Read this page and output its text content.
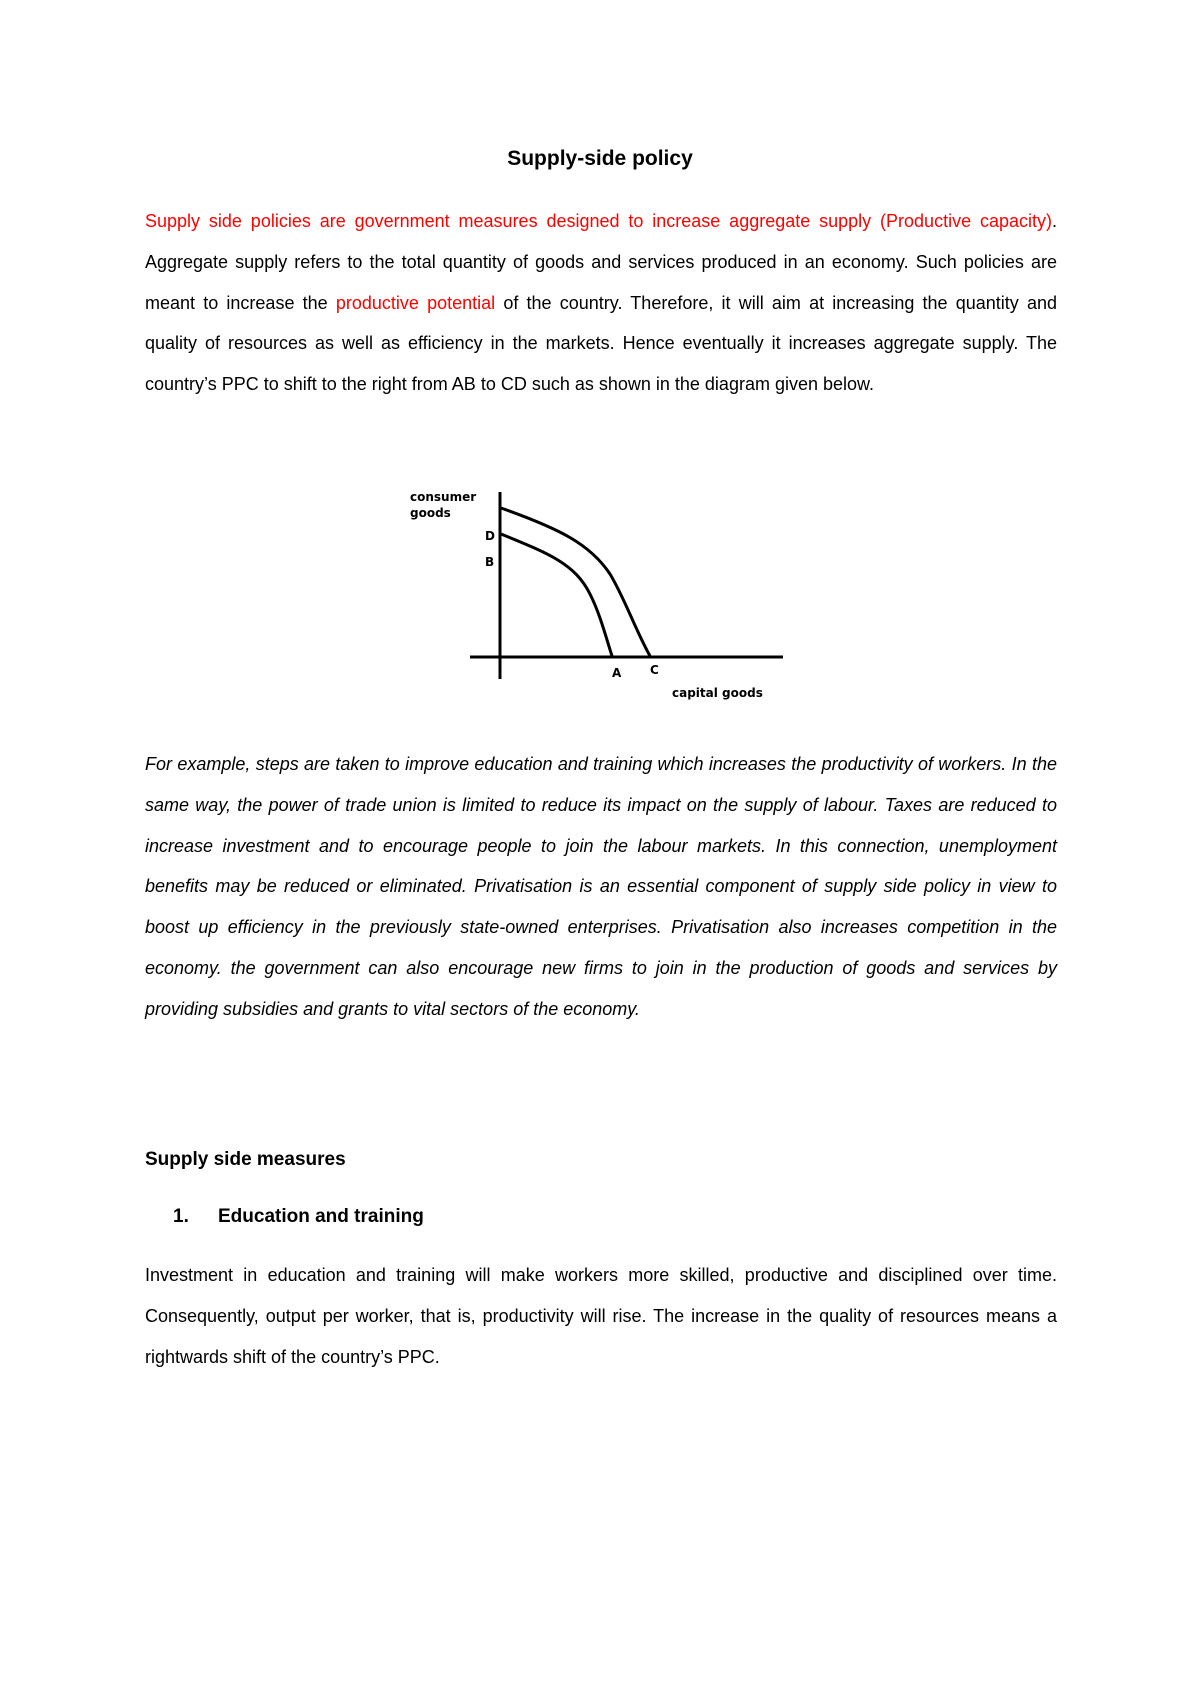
Supply-side policy

Supply side policies are government measures designed to increase aggregate supply (Productive capacity). Aggregate supply refers to the total quantity of goods and services produced in an economy. Such policies are meant to increase the productive potential of the country. Therefore, it will aim at increasing the quantity and quality of resources as well as efficiency in the markets. Hence eventually it increases aggregate supply. The country’s PPC to shift to the right from AB to CD such as shown in the diagram given below.

consumer
goods
D
B
A C
capital goods

For example, steps are taken to improve education and training which increases the productivity of workers. In the same way, the power of trade union is limited to reduce its impact on the supply of labour. Taxes are reduced to increase investment and to encourage people to join the labour markets. In this connection, unemployment benefits may be reduced or eliminated. Privatisation is an essential component of supply side policy in view to boost up efficiency in the previously state-owned enterprises. Privatisation also increases competition in the economy. the government can also encourage new firms to join in the production of goods and services by providing subsidies and grants to vital sectors of the economy.

Supply side measures
1. Education and training

Investment in education and training will make workers more skilled, productive and disciplined over time. Consequently, output per worker, that is, productivity will rise. The increase in the quality of resources means a rightwards shift of the country’s PPC.
